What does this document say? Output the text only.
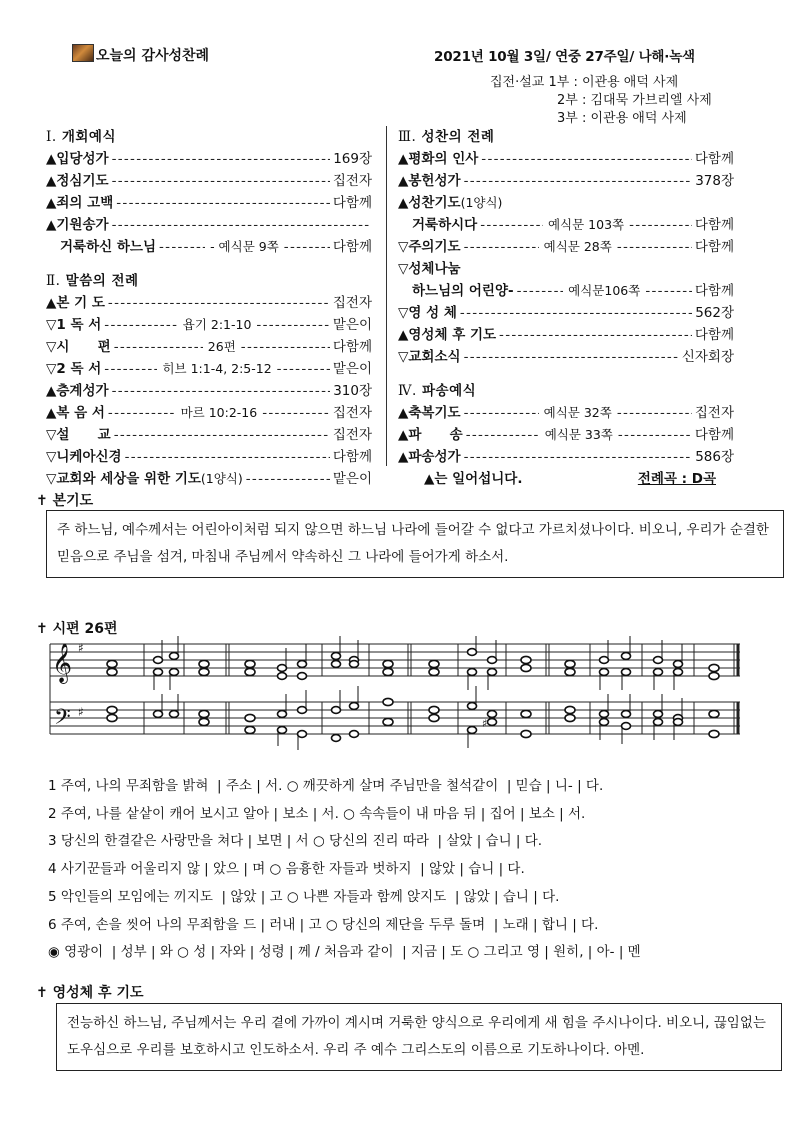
오늘의 감사성찬례	2021년 10월 3일/ 연중 27주일/ 나해·녹색
집전·설교 1부 : 이관용 애덕 사제
2부 : 김대묵 가브리엘 사제
3부 : 이관용 애덕 사제
Ⅰ. 개회예식
▲ 입당성가 - - -	169장
▲ 정심기도 - - -	집전자
▲ 죄의 고백 - - -	다함께
▲ 기원송가
- - -
거룩하신 하느님 - - -	- 예식문 9쪽 - - -	다함께
Ⅱ. 말씀의 전례
▲ 본 기 도 - - -	집전자
▽ 1 독 서 - - -	욥기 2:1-10 - - -	맡은이
▽ 시      편 - - -	26편 - - -	다함께
▽ 2 독 서 - - -	히브 1:1-4, 2:5-12 - - -	맡은이
▲ 층계성가 - - -	310장
▲ 복 음 서 - - -	마르 10:2-16 - - -	집전자
▽ 설      교 - - -	집전자
▽ 니케아신경 - - -	다함께
▽ 교회와 세상을 위한 기도 (1양식) - - -	맡은이
Ⅲ. 성찬의 전례
▲ 평화의 인사 - - -	다함께
▲ 봉헌성가 - - -	378장
▲ 성찬기도 (1양식)
거룩하시다 - - -	예식문 103쪽 - - -	다함께
▽ 주의기도 - - -	예식문 28쪽 - - -	다함께
▽ 성체나눔
하느님의 어린양- - - -	예식문106쪽 - - -	다함께
▽ 영 성 체 - - -	562장
▲ 영성체 후 기도 - - -	다함께
▽ 교회소식 - - -	신자회장
Ⅳ. 파송예식
▲ 축복기도 - - -	예식문 32쪽 - - -	집전자
▲ 파      송 - - -	예식문 33쪽 - - -	다함께
▲ 파송성가 - - -	586장
▲는 일어섭니다.	전례곡 : D곡
✝ 본기도
주 하느님, 예수께서는 어린아이처럼 되지 않으면 하느님 나라에 들어갈 수 없다고 가르치셨나이다. 비오니, 우리가 순결한 믿음으로 주님을 섬겨, 마침내 주님께서 약속하신 그 나라에 들어가게 하소서.
✝ 시편 26편
𝄞
𝄢
♯
♯
♯
1 주여, 나의 무죄함을 밝혀  | 주소 | 서. ○ 깨끗하게 살며 주님만을 철석같이  | 믿습 | 니- | 다.
2 주여, 나를 샅샅이 캐어 보시고 알아 | 보소 | 서. ○ 속속들이 내 마음 뒤 | 집어 | 보소 | 서.
3 당신의 한결같은 사랑만을 쳐다 | 보면 | 서 ○ 당신의 진리 따라  | 살았 | 습니 | 다.
4 사기꾼들과 어울리지 않 | 았으 | 며 ○ 음흉한 자들과 벗하지  | 않았 | 습니 | 다.
5 악인들의 모임에는 끼지도  | 않았 | 고 ○ 나쁜 자들과 함께 앉지도  | 않았 | 습니 | 다.
6 주여, 손을 씻어 나의 무죄함을 드 | 러내 | 고 ○ 당신의 제단을 두루 돌며  | 노래 | 합니 | 다.
◉ 영광이  | 성부 | 와 ○ 성 | 자와 | 성령 | 께 / 처음과 같이  | 지금 | 도 ○ 그리고 영 | 원히, | 아- | 멘
✝ 영성체 후 기도
전능하신 하느님, 주님께서는 우리 곁에 가까이 계시며 거룩한 양식으로 우리에게 새 힘을 주시나이다. 비오니, 끊임없는 도우심으로 우리를 보호하시고 인도하소서. 우리 주 예수 그리스도의 이름으로 기도하나이다. 아멘.
